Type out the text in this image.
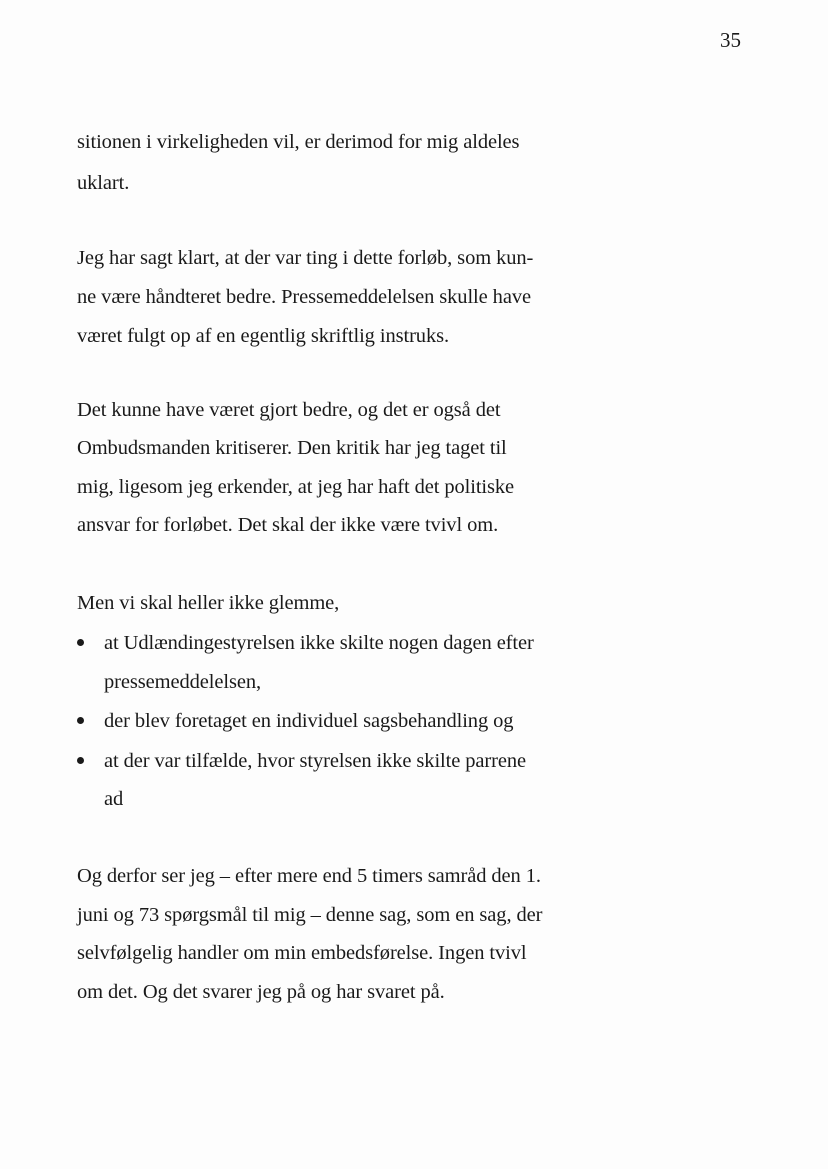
35
sitionen i virkeligheden vil, er derimod for mig aldeles
uklart.
Jeg har sagt klart, at der var ting i dette forløb, som kun-
ne være håndteret bedre. Pressemeddelelsen skulle have
været fulgt op af en egentlig skriftlig instruks.
Det kunne have været gjort bedre, og det er også det
Ombudsmanden kritiserer. Den kritik har jeg taget til
mig, ligesom jeg erkender, at jeg har haft det politiske
ansvar for forløbet. Det skal der ikke være tvivl om.
Men vi skal heller ikke glemme,
at Udlændingestyrelsen ikke skilte nogen dagen efter
pressemeddelelsen,
der blev foretaget en individuel sagsbehandling og
at der var tilfælde, hvor styrelsen ikke skilte parrene
ad
Og derfor ser jeg – efter mere end 5 timers samråd den 1.
juni og 73 spørgsmål til mig – denne sag, som en sag, der
selvfølgelig handler om min embedsførelse. Ingen tvivl
om det. Og det svarer jeg på og har svaret på.
